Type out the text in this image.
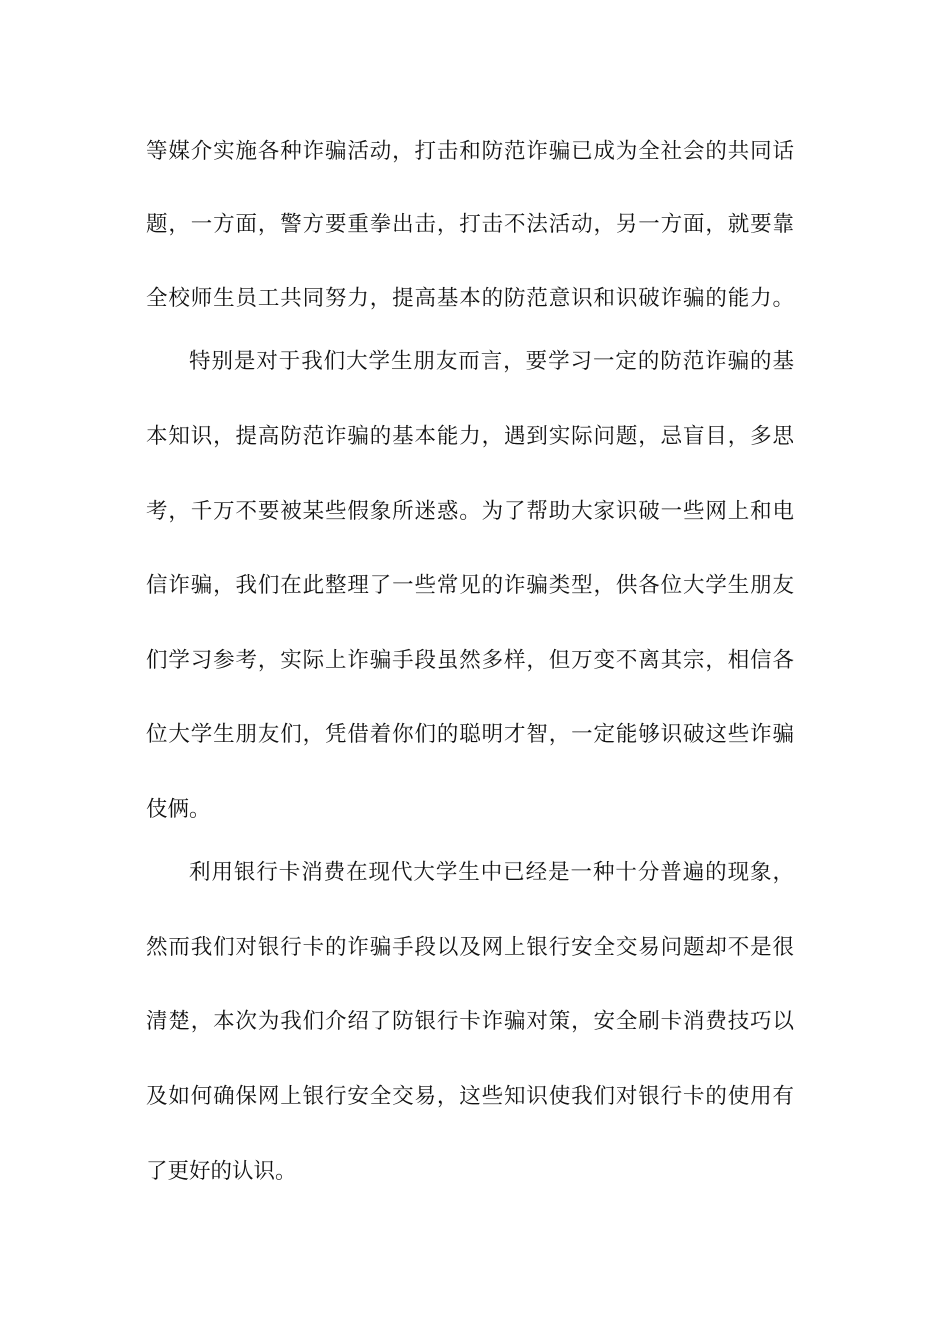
等媒介实施各种诈骗活动，打击和防范诈骗已成为全社会的共同话
题，一方面，警方要重拳出击，打击不法活动，另一方面，就要靠
全校师生员工共同努力，提高基本的防范意识和识破诈骗的能力。
特别是对于我们大学生朋友而言，要学习一定的防范诈骗的基
本知识，提高防范诈骗的基本能力，遇到实际问题，忌盲目，多思
考，千万不要被某些假象所迷惑。为了帮助大家识破一些网上和电
信诈骗，我们在此整理了一些常见的诈骗类型，供各位大学生朋友
们学习参考，实际上诈骗手段虽然多样，但万变不离其宗，相信各
位大学生朋友们，凭借着你们的聪明才智，一定能够识破这些诈骗
伎俩。
利用银行卡消费在现代大学生中已经是一种十分普遍的现象，
然而我们对银行卡的诈骗手段以及网上银行安全交易问题却不是很
清楚，本次为我们介绍了防银行卡诈骗对策，安全刷卡消费技巧以
及如何确保网上银行安全交易，这些知识使我们对银行卡的使用有
了更好的认识。
